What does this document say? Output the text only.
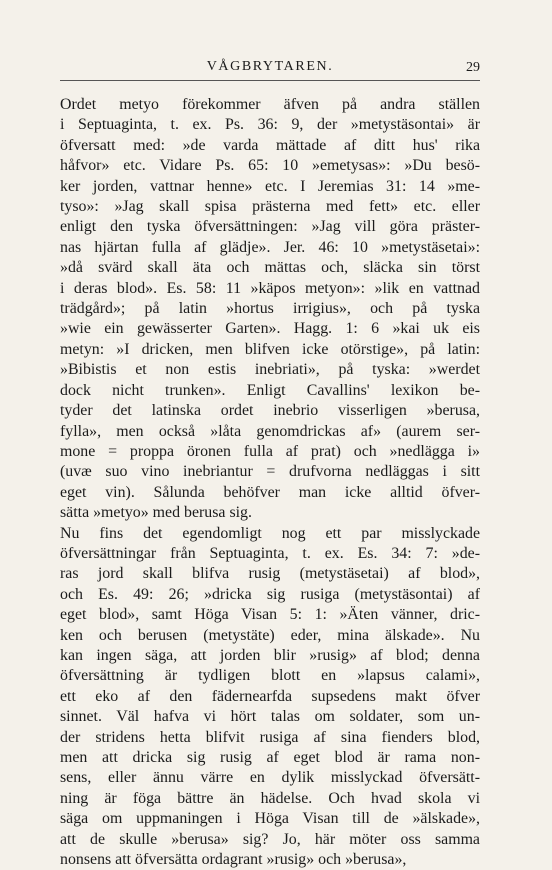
VÅGBRYTAREN.	29
Ordet metyo förekommer äfven på andra ställen
i Septuaginta, t. ex. Ps. 36: 9, der »metystäsontai» är
öfversatt med: »de varda mättade af ditt hus' rika
håfvor» etc. Vidare Ps. 65: 10 »emetysas»: »Du besö-
ker jorden, vattnar henne» etc. I Jeremias 31: 14 »me-
tyso»: »Jag skall spisa prästerna med fett» etc. eller
enligt den tyska öfversättningen: »Jag vill göra präster-
nas hjärtan fulla af glädje». Jer. 46: 10 »metystäsetai»:
»då svärd skall äta och mättas och, släcka sin törst
i deras blod». Es. 58: 11 »käpos metyon»: »lik en vattnad
trädgård»; på latin »hortus irrigius», och på tyska
»wie ein gewässerter Garten». Hagg. 1: 6 »kai uk eis
metyn: »I dricken, men blifven icke otörstige», på latin:
»Bibistis et non estis inebriati», på tyska: »werdet
dock nicht trunken». Enligt Cavallins' lexikon be-
tyder det latinska ordet inebrio visserligen »berusa,
fylla», men också »låta genomdrickas af» (aurem ser-
mone = proppa öronen fulla af prat) och »nedlägga i»
(uvæ suo vino inebriantur = drufvorna nedläggas i sitt
eget vin). Sålunda behöfver man icke alltid öfver-
sätta »metyo» med berusa sig.
Nu fins det egendomligt nog ett par misslyckade
öfversättningar från Septuaginta, t. ex. Es. 34: 7: »de-
ras jord skall blifva rusig (metystäsetai) af blod»,
och Es. 49: 26; »dricka sig rusiga (metystäsontai) af
eget blod», samt Höga Visan 5: 1: »Äten vänner, dric-
ken och berusen (metystäte) eder, mina älskade». Nu
kan ingen säga, att jorden blir »rusig» af blod; denna
öfversättning är tydligen blott en »lapsus calami»,
ett eko af den fädernearfda supsedens makt öfver
sinnet. Väl hafva vi hört talas om soldater, som un-
der stridens hetta blifvit rusiga af sina fienders blod,
men att dricka sig rusig af eget blod är rama non-
sens, eller ännu värre en dylik misslyckad öfversätt-
ning är föga bättre än hädelse. Och hvad skola vi
säga om uppmaningen i Höga Visan till de »älskade»,
att de skulle »berusa» sig? Jo, här möter oss samma
nonsens att öfversätta ordagrant »rusig» och »berusa»,
